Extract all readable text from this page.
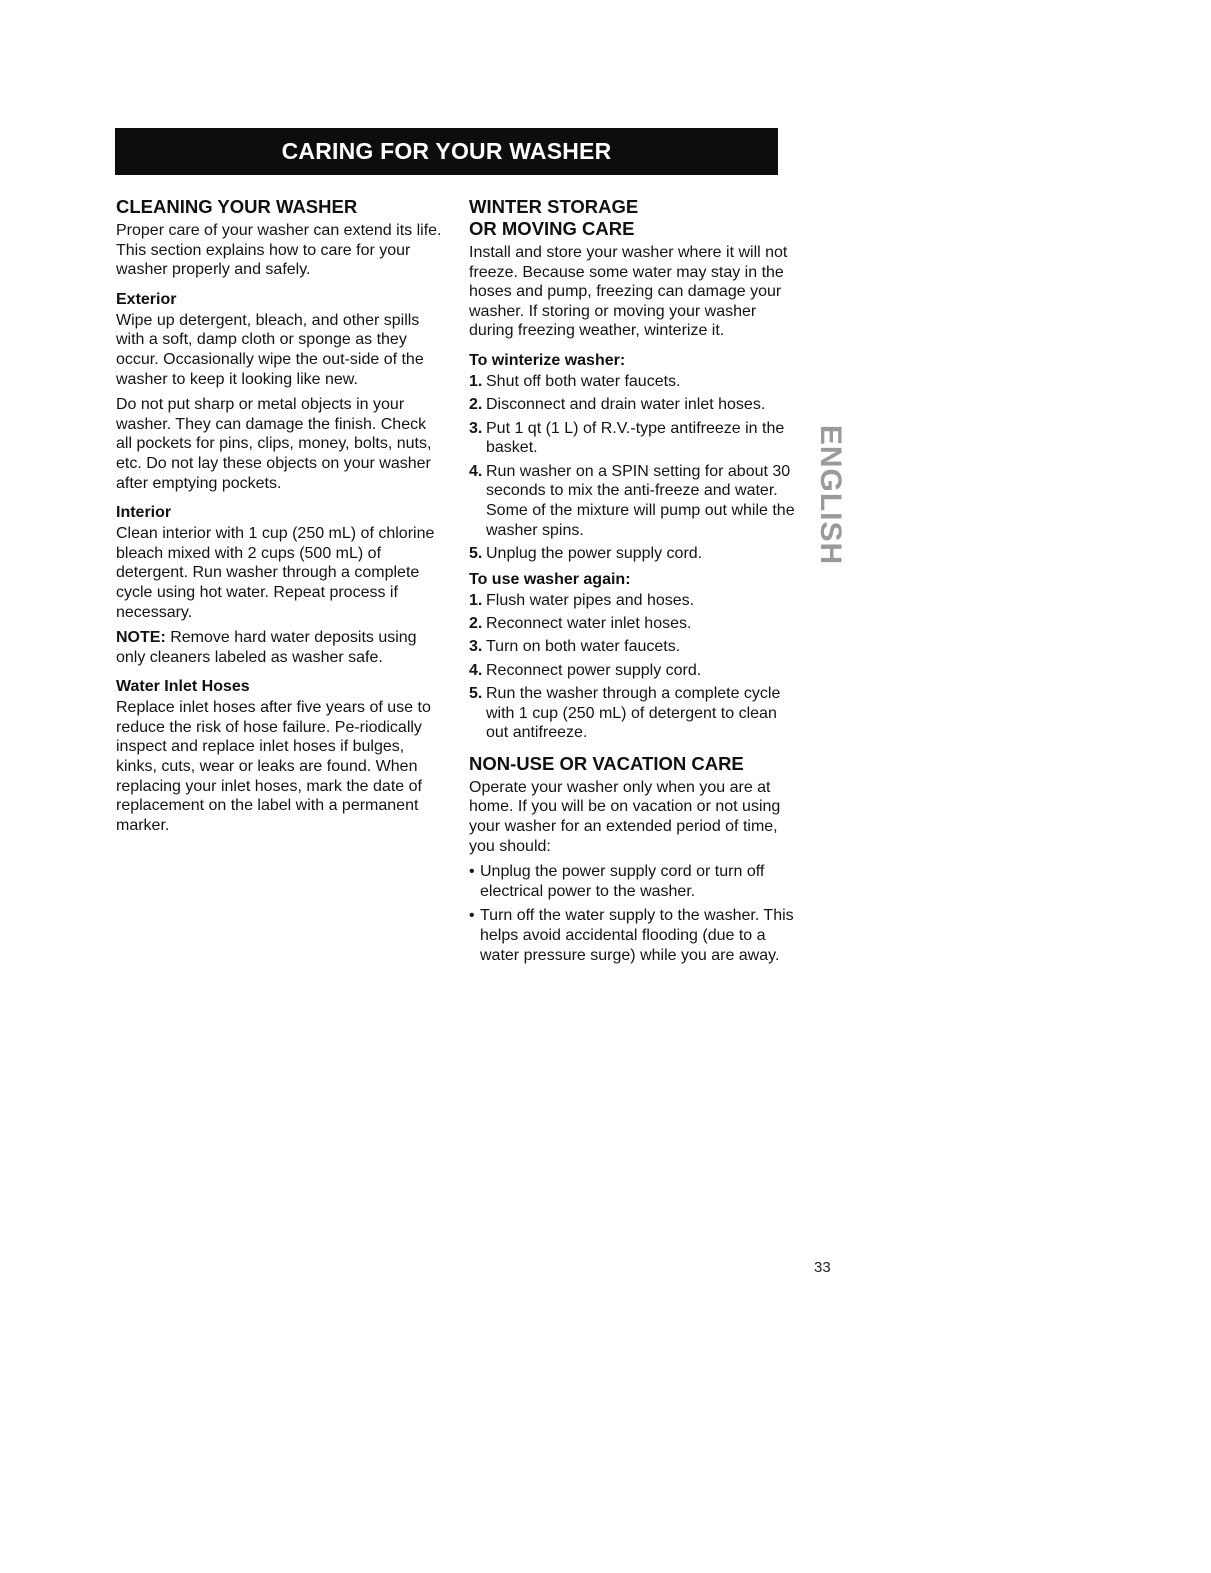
CARING FOR YOUR WASHER
CLEANING YOUR WASHER

Proper care of your washer can extend its life. This section explains how to care for your washer properly and safely.

Exterior

Wipe up detergent, bleach, and other spills with a soft, damp cloth or sponge as they occur. Occasionally wipe the out-side of the washer to keep it looking like new.

Do not put sharp or metal objects in your washer. They can damage the finish. Check all pockets for pins, clips, money, bolts, nuts, etc. Do not lay these objects on your washer after emptying pockets.

Interior

Clean interior with 1 cup (250 mL) of chlorine bleach mixed with 2 cups (500 mL) of detergent. Run washer through a complete cycle using hot water. Repeat process if necessary.

NOTE: Remove hard water deposits using only cleaners labeled as washer safe.

Water Inlet Hoses

Replace inlet hoses after five years of use to reduce the risk of hose failure. Pe-riodically inspect and replace inlet hoses if bulges, kinks, cuts, wear or leaks are found. When replacing your inlet hoses, mark the date of replacement on the label with a permanent marker.

WINTER STORAGE
OR MOVING CARE

Install and store your washer where it will not freeze. Because some water may stay in the hoses and pump, freezing can damage your washer. If storing or moving your washer during freezing weather, winterize it.

To winterize washer:
1. Shut off both water faucets.
2. Disconnect and drain water inlet hoses.
3. Put 1 qt (1 L) of R.V.-type antifreeze in the basket.
4. Run washer on a SPIN setting for about 30 seconds to mix the anti-freeze and water. Some of the mixture will pump out while the washer spins.
5. Unplug the power supply cord.
To use washer again:
1. Flush water pipes and hoses.
2. Reconnect water inlet hoses.
3. Turn on both water faucets.
4. Reconnect power supply cord.
5. Run the washer through a complete cycle with 1 cup (250 mL) of detergent to clean out antifreeze.
NON-USE OR VACATION CARE

Operate your washer only when you are at home. If you will be on vacation or not using your washer for an extended period of time, you should:

• Unplug the power supply cord or turn off electrical power to the washer.
• Turn off the water supply to the washer. This helps avoid accidental flooding (due to a water pressure surge) while you are away.
ENGLISH
33
